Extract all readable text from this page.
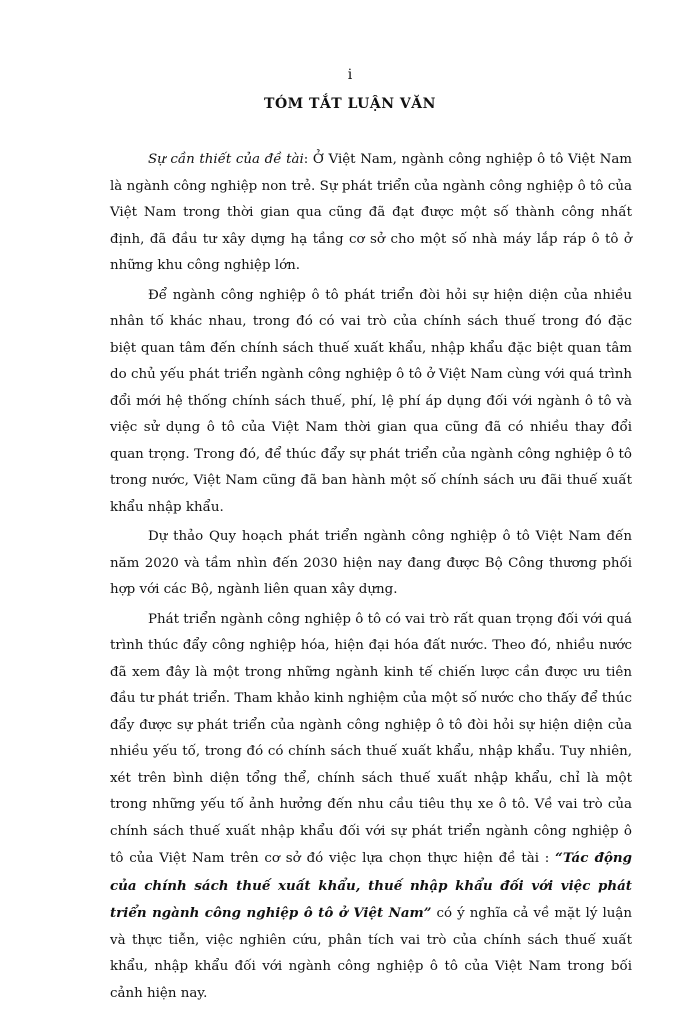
i
TÓM TẮT LUẬN VĂN

Sự cần thiết của đề tài: Ở Việt Nam, ngành công nghiệp ô tô Việt Nam là ngành công nghiệp non trẻ. Sự phát triển của ngành công nghiệp ô tô của Việt Nam trong thời gian qua cũng đã đạt được một số thành công nhất định, đã đầu tư xây dựng hạ tầng cơ sở cho một số nhà máy lắp ráp ô tô ở những khu công nghiệp lớn.

Để ngành công nghiệp ô tô phát triển đòi hỏi sự hiện diện của nhiều nhân tố khác nhau, trong đó có vai trò của chính sách thuế trong đó đặc biệt quan tâm đến chính sách thuế xuất khẩu, nhập khẩu đặc biệt quan tâm do chủ yếu phát triển ngành công nghiệp ô tô ở Việt Nam cùng với quá trình đổi mới hệ thống chính sách thuế, phí, lệ phí áp dụng đối với ngành ô tô và việc sử dụng ô tô của Việt Nam thời gian qua cũng đã có nhiều thay đổi quan trọng. Trong đó, để thúc đẩy sự phát triển của ngành công nghiệp ô tô trong nước, Việt Nam cũng đã ban hành một số chính sách ưu đãi thuế xuất khẩu nhập khẩu.

Dự thảo Quy hoạch phát triển ngành công nghiệp ô tô Việt Nam đến năm 2020 và tầm nhìn đến 2030 hiện nay đang được Bộ Công thương phối hợp với các Bộ, ngành liên quan xây dựng.

Phát triển ngành công nghiệp ô tô có vai trò rất quan trọng đối với quá trình thúc đẩy công nghiệp hóa, hiện đại hóa đất nước. Theo đó, nhiều nước đã xem đây là một trong những ngành kinh tế chiến lược cần được ưu tiên đầu tư phát triển. Tham khảo kinh nghiệm của một số nước cho thấy để thúc đẩy được sự phát triển của ngành công nghiệp ô tô đòi hỏi sự hiện diện của nhiều yếu tố, trong đó có chính sách thuế xuất khẩu, nhập khẩu. Tuy nhiên, xét trên bình diện tổng thể, chính sách thuế xuất nhập khẩu, chỉ là một trong những yếu tố ảnh hưởng đến nhu cầu tiêu thụ xe ô tô. Về vai trò của chính sách thuế xuất nhập khẩu đối với sự phát triển ngành công nghiệp ô tô của Việt Nam trên cơ sở đó việc lựa chọn thực hiện đề tài : “Tác động của chính sách thuế xuất khẩu, thuế nhập khẩu đối với việc phát triển ngành công nghiệp ô tô ở Việt Nam” có ý nghĩa cả về mặt lý luận và thực tiễn, việc nghiên cứu, phân tích vai trò của chính sách thuế xuất khẩu, nhập khẩu đối với ngành công nghiệp ô tô của Việt Nam trong bối cảnh hiện nay.
